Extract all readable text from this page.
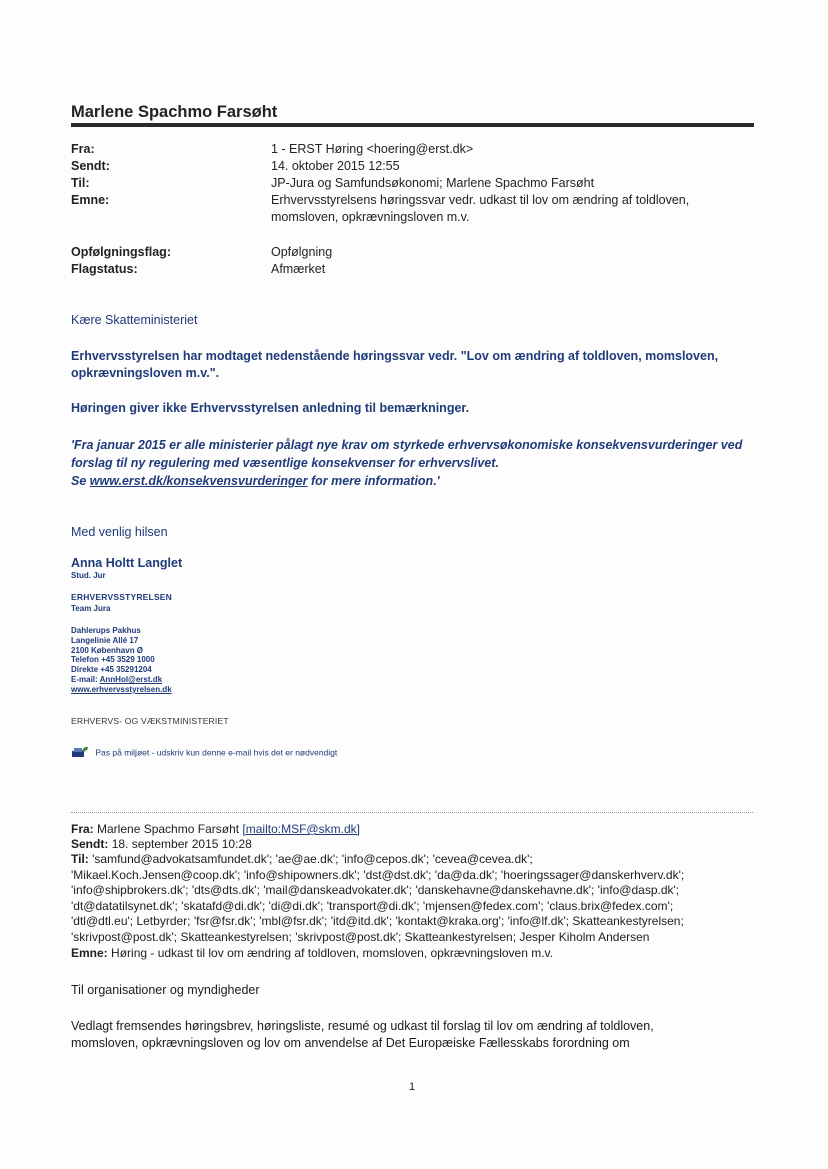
Marlene Spachmo Farsøht
Fra:	1 - ERST Høring <hoering@erst.dk>
Sendt:	14. oktober 2015 12:55
Til:	JP-Jura og Samfundsøkonomi; Marlene Spachmo Farsøht
Emne:	Erhvervsstyrelsens høringssvar vedr. udkast til lov om ændring af toldloven, momsloven, opkrævningsloven m.v.
Opfølgningsflag:	Opfølgning
Flagstatus:	Afmærket
Kære Skatteministeriet
Erhvervsstyrelsen har modtaget nedenstående høringssvar vedr. "Lov om ændring af toldloven, momsloven, opkrævningsloven m.v.".
Høringen giver ikke Erhvervsstyrelsen anledning til bemærkninger.
'Fra januar 2015 er alle ministerier pålagt nye krav om styrkede erhvervsøkonomiske konsekvensvurderinger ved
forslag til ny regulering med væsentlige konsekvenser for erhvervslivet.
Se www.erst.dk/konsekvensvurderinger for mere information.'
Med venlig hilsen
Anna Holtt Langlet
Stud. Jur
ERHVERVSSTYRELSEN
Team Jura
Dahlerups Pakhus
Langelinie Allé 17
2100 København Ø
Telefon +45 3529 1000
Direkte +45 35291204
E-mail: AnnHol@erst.dk
www.erhvervsstyrelsen.dk
ERHVERVS- OG VÆKSTMINISTERIET
Pas på miljøet - udskriv kun denne e-mail hvis det er nødvendigt
Fra: Marlene Spachmo Farsøht [mailto:MSF@skm.dk]
Sendt: 18. september 2015 10:28
Til: 'samfund@advokatsamfundet.dk'; 'ae@ae.dk'; 'info@cepos.dk'; 'cevea@cevea.dk';
'Mikael.Koch.Jensen@coop.dk'; 'info@shipowners.dk'; 'dst@dst.dk'; 'da@da.dk'; 'hoeringssager@danskerhverv.dk';
'info@shipbrokers.dk'; 'dts@dts.dk'; 'mail@danskeadvokater.dk'; 'danskehavne@danskehavne.dk'; 'info@dasp.dk';
'dt@datatilsynet.dk'; 'skatafd@di.dk'; 'di@di.dk'; 'transport@di.dk'; 'mjensen@fedex.com'; 'claus.brix@fedex.com';
'dtl@dtl.eu'; Letbyrder; 'fsr@fsr.dk'; 'mbl@fsr.dk'; 'itd@itd.dk'; 'kontakt@kraka.org'; 'info@lf.dk'; Skatteankestyrelsen;
'skrivpost@post.dk'; Skatteankestyrelsen; 'skrivpost@post.dk'; Skatteankestyrelsen; Jesper Kiholm Andersen
Emne: Høring - udkast til lov om ændring af toldloven, momsloven, opkrævningsloven m.v.
Til organisationer og myndigheder
Vedlagt fremsendes høringsbrev, høringsliste, resumé og udkast til forslag til lov om ændring af toldloven,
momsloven, opkrævningsloven og lov om anvendelse af Det Europæiske Fællesskabs forordning om
1
